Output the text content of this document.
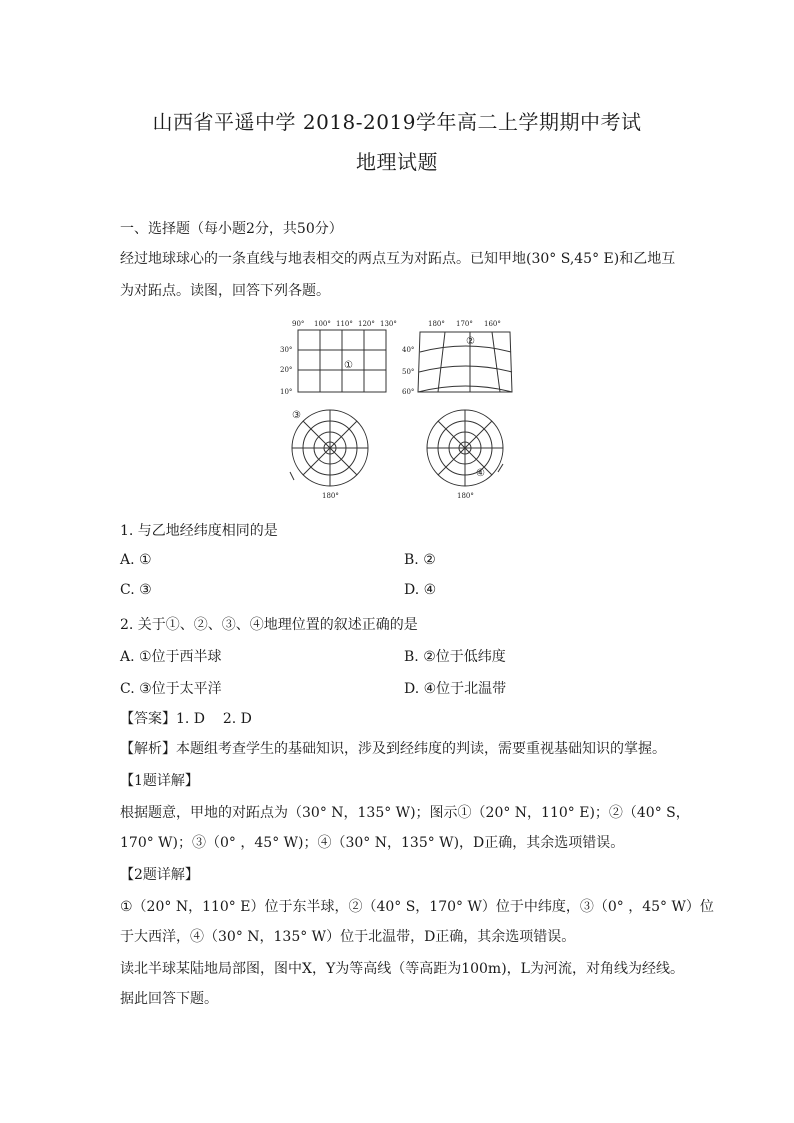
山西省平遥中学 2018-2019学年高二上学期期中考试
地理试题
一、选择题（每小题2分，共50分）
经过地球球心的一条直线与地表相交的两点互为对跖点。已知甲地(30° S,45° E)和乙地互
为对跖点。读图，回答下列各题。
90° 100° 110° 120° 130°
30°
20°
10°
①
180° 170° 160°
40°
50°
60°
②
③
180°
④
180°
1. 与乙地经纬度相同的是
A. ①	B. ②
C. ③	D. ④
2. 关于①、②、③、④地理位置的叙述正确的是
A. ①位于西半球	B. ②位于低纬度
C. ③位于太平洋	D. ④位于北温带
【答案】1. D    2. D
【解析】本题组考查学生的基础知识，涉及到经纬度的判读，需要重视基础知识的掌握。
【1题详解】
根据题意，甲地的对跖点为（30° N，135° W)；图示①（20° N，110° E)；②（40° S，
170° W)；③（0° ，45° W)；④（30° N，135° W)，D正确，其余选项错误。
【2题详解】
①（20° N，110° E）位于东半球，②（40° S，170° W）位于中纬度，③（0° ，45° W）位
于大西洋，④（30° N，135° W）位于北温带，D正确，其余选项错误。
读北半球某陆地局部图，图中X，Y为等高线（等高距为100m)，L为河流，对角线为经线。
据此回答下题。
